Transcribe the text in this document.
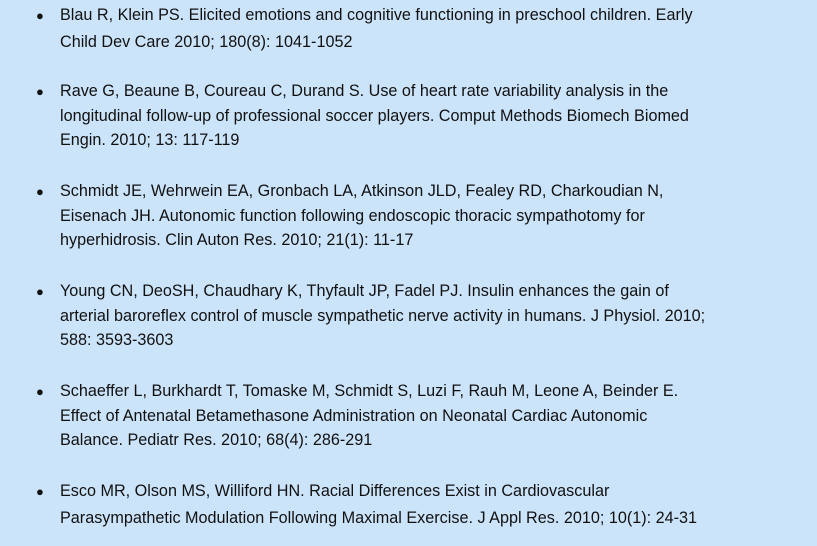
● Blau R, Klein PS. Elicited emotions and cognitive functioning in preschool children. Early
Child Dev Care 2010; 180(8): 1041-1052
● Rave G, Beaune B, Coureau C, Durand S. Use of heart rate variability analysis in the
longitudinal follow-up of professional soccer players. Comput Methods Biomech Biomed
Engin. 2010; 13: 117-119
● Schmidt JE, Wehrwein EA, Gronbach LA, Atkinson JLD, Fealey RD, Charkoudian N,
Eisenach JH. Autonomic function following endoscopic thoracic sympathotomy for
hyperhidrosis. Clin Auton Res. 2010; 21(1): 11-17
● Young CN, DeoSH, Chaudhary K, Thyfault JP, Fadel PJ. Insulin enhances the gain of
arterial baroreflex control of muscle sympathetic nerve activity in humans. J Physiol. 2010;
588: 3593-3603
● Schaeffer L, Burkhardt T, Tomaske M, Schmidt S, Luzi F, Rauh M, Leone A, Beinder E.
Effect of Antenatal Betamethasone Administration on Neonatal Cardiac Autonomic
Balance. Pediatr Res. 2010; 68(4): 286-291
● Esco MR, Olson MS, Williford HN. Racial Differences Exist in Cardiovascular
Parasympathetic Modulation Following Maximal Exercise. J Appl Res. 2010; 10(1): 24-31
